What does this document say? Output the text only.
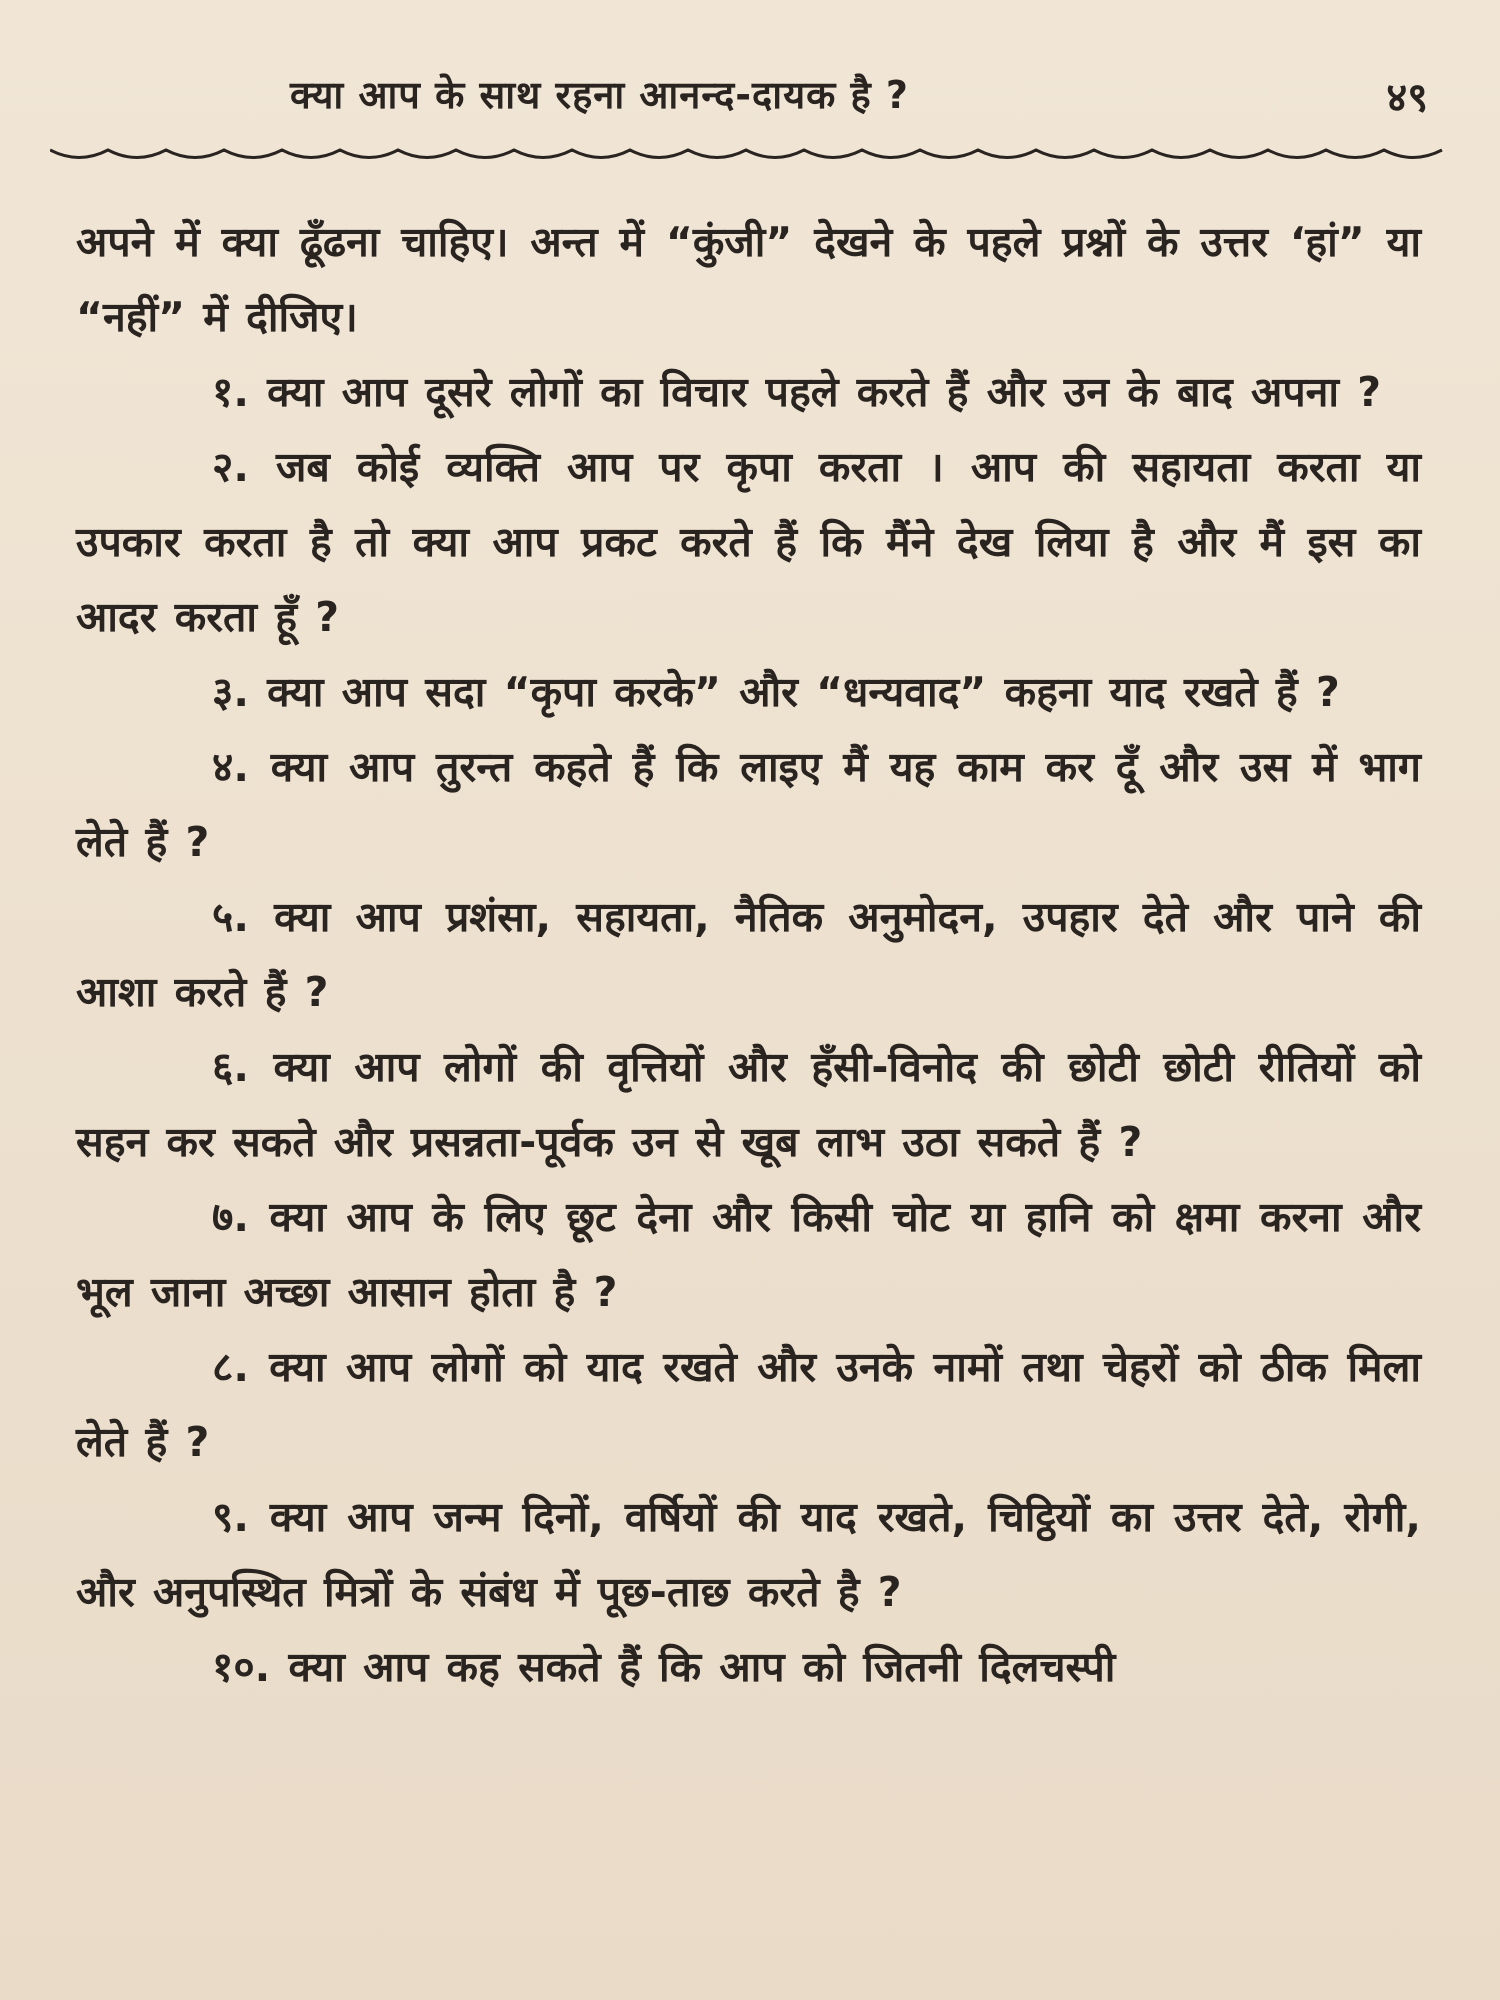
क्या आप के साथ रहना आनन्द-दायक है ?	४९

अपने में क्या ढूँढना चाहिए। अन्त में “कुंजी” देखने के पहले प्रश्नों के उत्तर ‘हां” या “नहीं” में दीजिए।

१. क्या आप दूसरे लोगों का विचार पहले करते हैं और उन के बाद अपना ?

२. जब कोई व्यक्ति आप पर कृपा करता । आप की सहायता करता या उपकार करता है तो क्या आप प्रकट करते हैं कि मैंने देख लिया है और मैं इस का आदर करता हूँ ?

३. क्या आप सदा “कृपा करके” और “धन्यवाद” कहना याद रखते हैं ?

४. क्या आप तुरन्त कहते हैं कि लाइए मैं यह काम कर दूँ और उस में भाग लेते हैं ?

५. क्या आप प्रशंसा, सहायता, नैतिक अनुमोदन, उपहार देते और पाने की आशा करते हैं ?

६. क्या आप लोगों की वृत्तियों और हँसी-विनोद की छोटी छोटी रीतियों को सहन कर सकते और प्रसन्नता-पूर्वक उन से खूब लाभ उठा सकते हैं ?

७. क्या आप के लिए छूट देना और किसी चोट या हानि को क्षमा करना और भूल जाना अच्छा आसान होता है ?

८. क्या आप लोगों को याद रखते और उनके नामों तथा चेहरों को ठीक मिला लेते हैं ?

९. क्या आप जन्म दिनों, वर्षियों की याद रखते, चिट्ठियों का उत्तर देते, रोगी, और अनुपस्थित मित्रों के संबंध में पूछ-ताछ करते है ?

१०. क्या आप कह सकते हैं कि आप को जितनी दिलचस्पी
